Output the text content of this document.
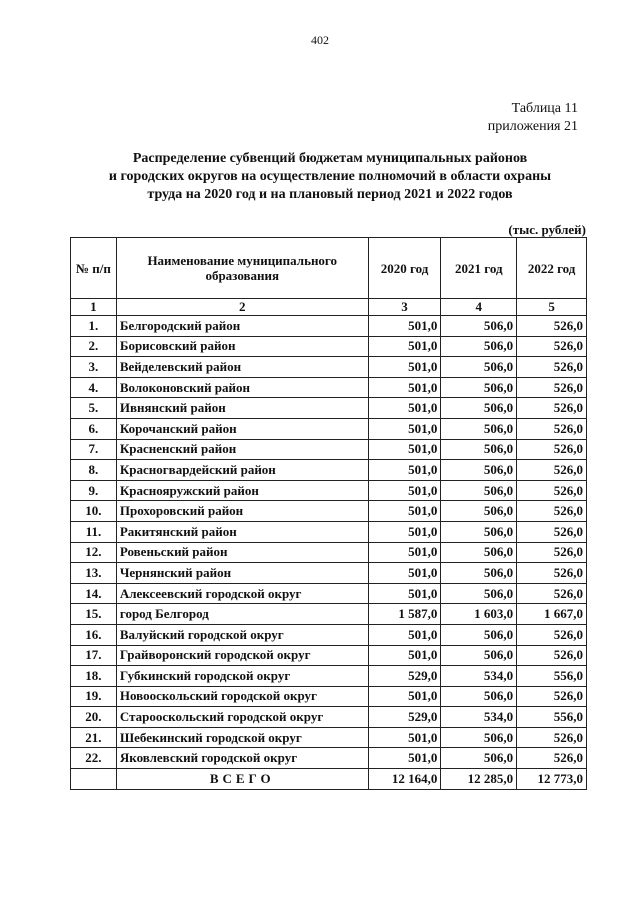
402
Таблица 11
приложения 21
Распределение субвенций бюджетам муниципальных районов
и городских округов на осуществление полномочий в области охраны
труда на 2020 год и на плановый период 2021 и 2022 годов
(тыс. рублей)
№ п/п	Наименование муниципального образования	2020 год	2021 год	2022 год
1	2	3	4	5
1.	Белгородский район	501,0	506,0	526,0
2.	Борисовский район	501,0	506,0	526,0
3.	Вейделевский район	501,0	506,0	526,0
4.	Волоконовский район	501,0	506,0	526,0
5.	Ивнянский район	501,0	506,0	526,0
6.	Корочанский район	501,0	506,0	526,0
7.	Красненский район	501,0	506,0	526,0
8.	Красногвардейский район	501,0	506,0	526,0
9.	Краснояружский район	501,0	506,0	526,0
10.	Прохоровский район	501,0	506,0	526,0
11.	Ракитянский район	501,0	506,0	526,0
12.	Ровеньский район	501,0	506,0	526,0
13.	Чернянский район	501,0	506,0	526,0
14.	Алексеевский городской округ	501,0	506,0	526,0
15.	город Белгород	1 587,0	1 603,0	1 667,0
16.	Валуйский городской округ	501,0	506,0	526,0
17.	Грайворонский городской округ	501,0	506,0	526,0
18.	Губкинский городской округ	529,0	534,0	556,0
19.	Новооскольский городской округ	501,0	506,0	526,0
20.	Старооскольский городской округ	529,0	534,0	556,0
21.	Шебекинский городской округ	501,0	506,0	526,0
22.	Яковлевский городской округ	501,0	506,0	526,0
	ВСЕГО	12 164,0	12 285,0	12 773,0
